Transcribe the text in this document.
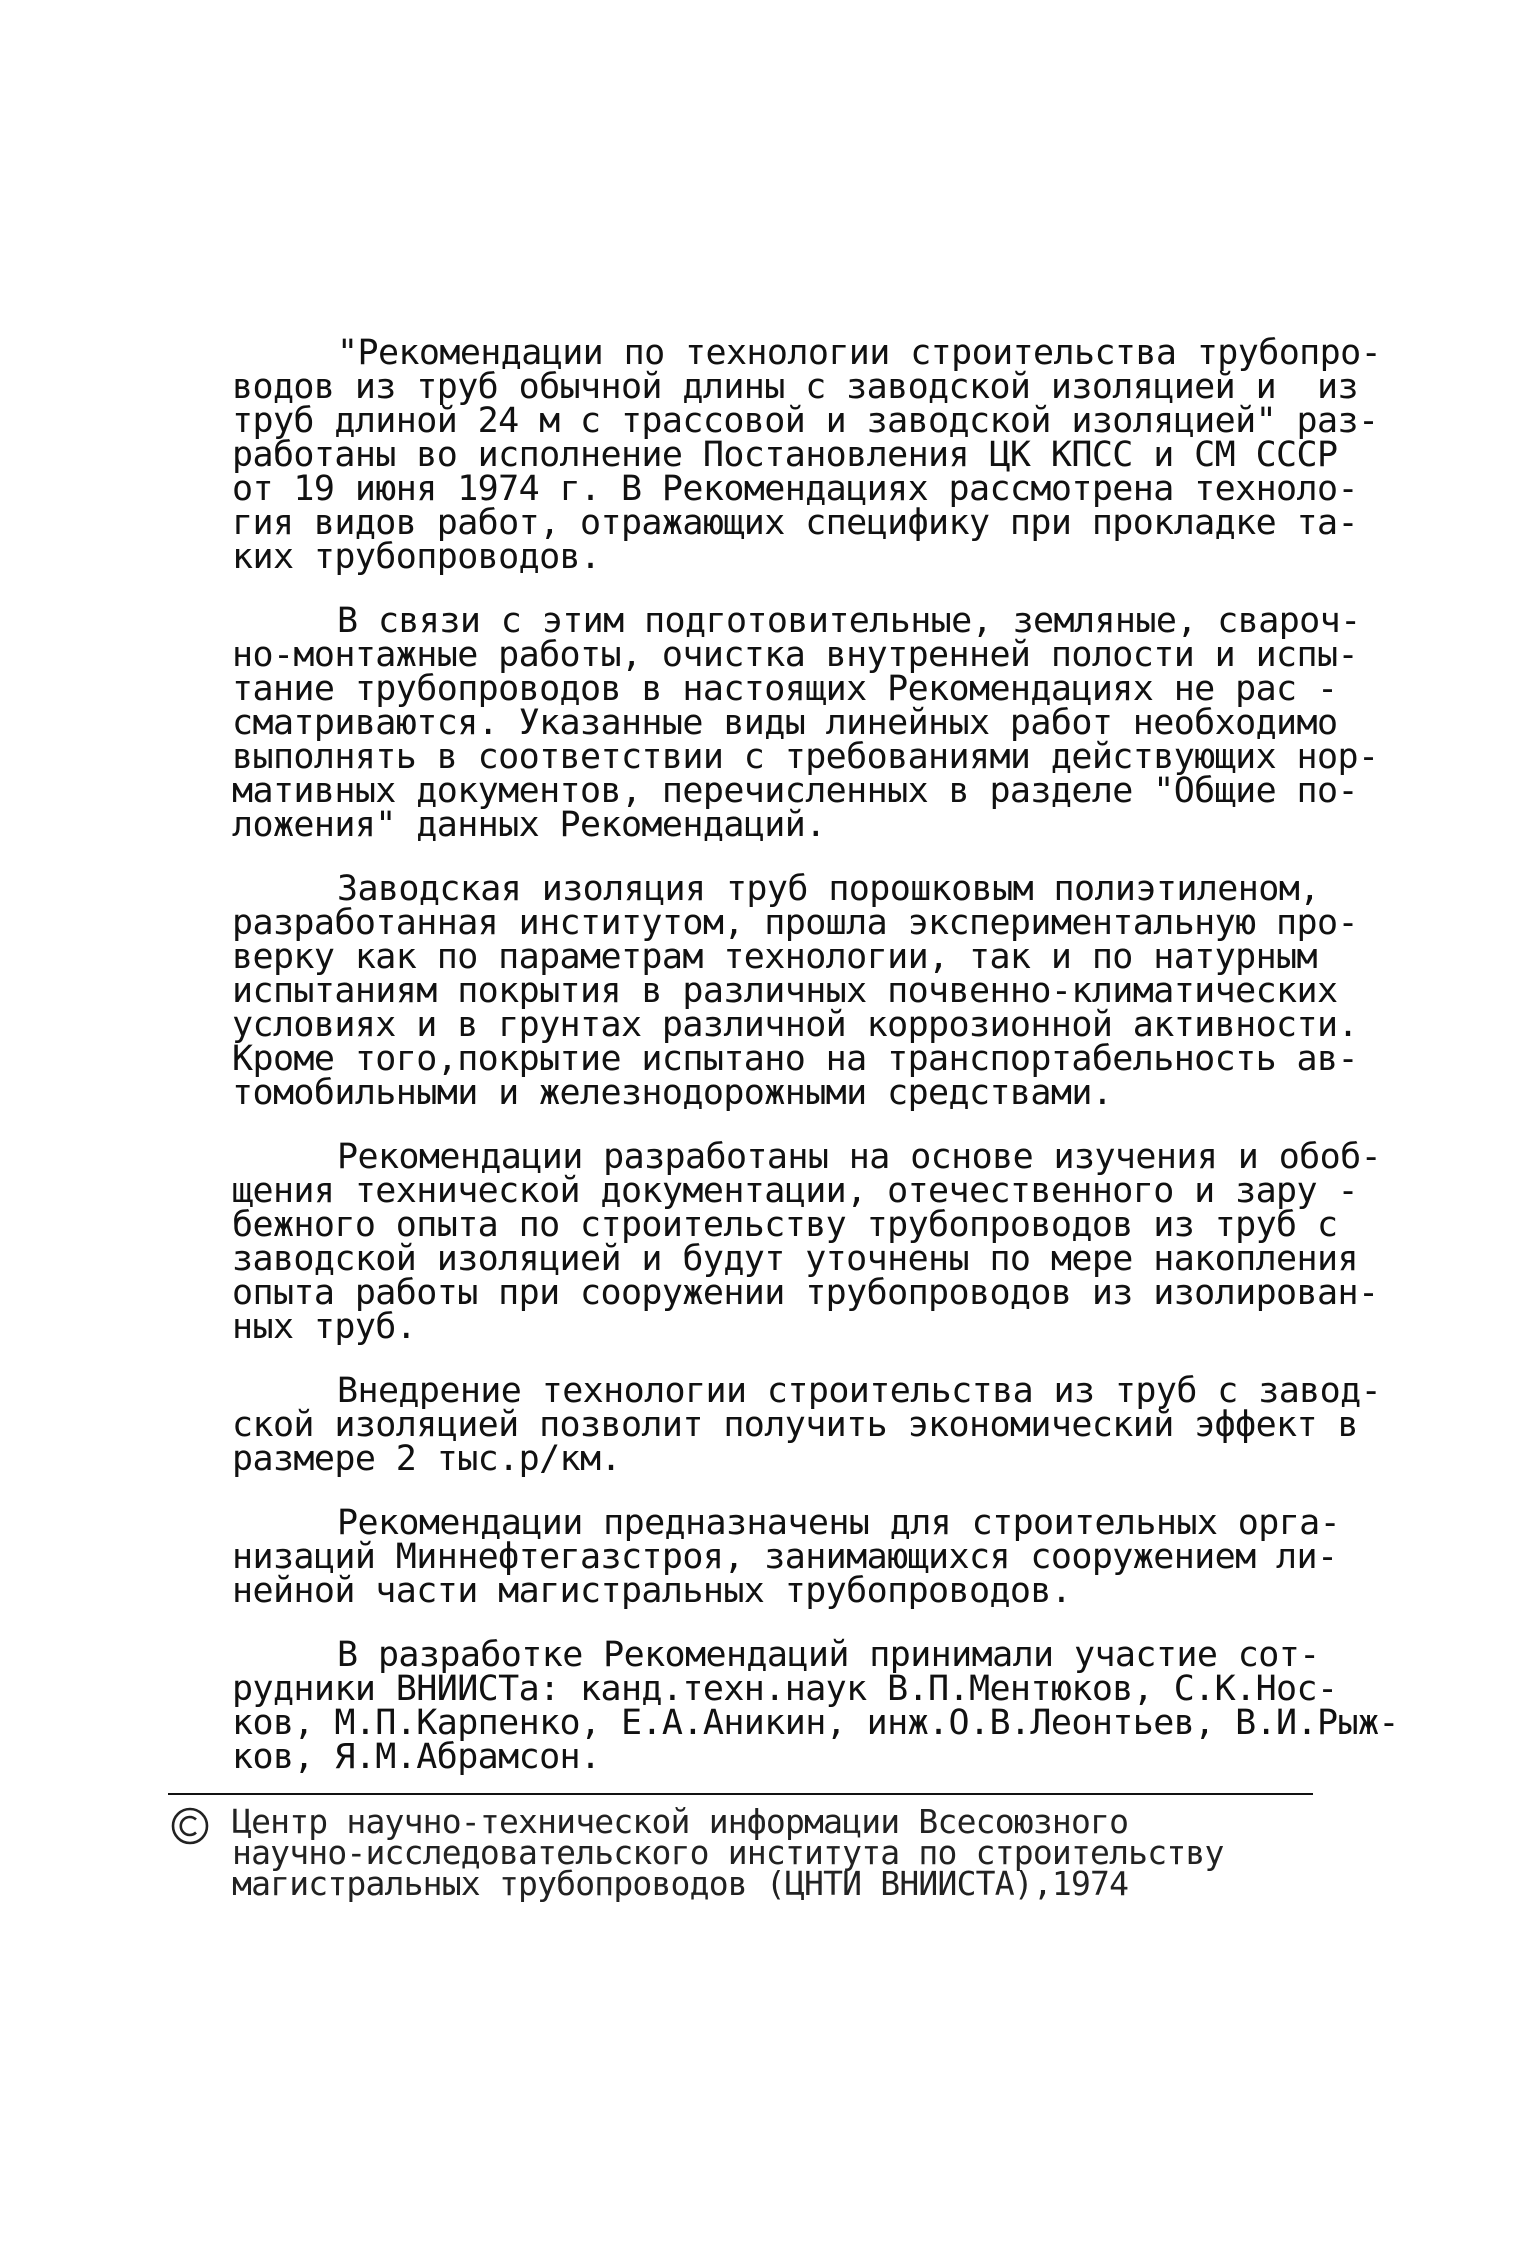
"Рекомендации по технологии строительства трубопро-
водов из труб обычной длины с заводской изоляцией и  из
труб длиной 24 м с трассовой и заводской изоляцией" раз-
работаны во исполнение Постановления ЦК КПСС и СМ СССР
от 19 июня 1974 г. В Рекомендациях рассмотрена техноло-
гия видов работ, отражающих специфику при прокладке та-
ких трубопроводов.

В связи с этим подготовительные, земляные, свароч-
но-монтажные работы, очистка внутренней полости и испы-
тание трубопроводов в настоящих Рекомендациях не рас -
сматриваются. Указанные виды линейных работ необходимо
выполнять в соответствии с требованиями действующих нор-
мативных документов, перечисленных в разделе "Общие по-
ложения" данных Рекомендаций.

Заводская изоляция труб порошковым полиэтиленом,
разработанная институтом, прошла экспериментальную про-
верку как по параметрам технологии, так и по натурным
испытаниям покрытия в различных почвенно-климатических
условиях и в грунтах различной коррозионной активности.
Кроме того,покрытие испытано на транспортабельность ав-
томобильными и железнодорожными средствами.

Рекомендации разработаны на основе изучения и обоб-
щения технической документации, отечественного и зару -
бежного опыта по строительству трубопроводов из труб с
заводской изоляцией и будут уточнены по мере накопления
опыта работы при сооружении трубопроводов из изолирован-
ных труб.

Внедрение технологии строительства из труб с завод-
ской изоляцией позволит получить экономический эффект в
размере 2 тыс.р/км.

Рекомендации предназначены для строительных орга-
низаций Миннефтегазстроя, занимающихся сооружением ли-
нейной части магистральных трубопроводов.

В разработке Рекомендаций принимали участие сот-
рудники ВНИИСТа: канд.техн.наук В.П.Ментюков, С.К.Нос-
ков, М.П.Карпенко, Е.А.Аникин, инж.О.В.Леонтьев, В.И.Рыж-
ков, Я.М.Абрамсон.

Центр научно-технической информации Всесоюзного
научно-исследовательского института по строительству
магистральных трубопроводов (ЦНТИ ВНИИСТА),1974
